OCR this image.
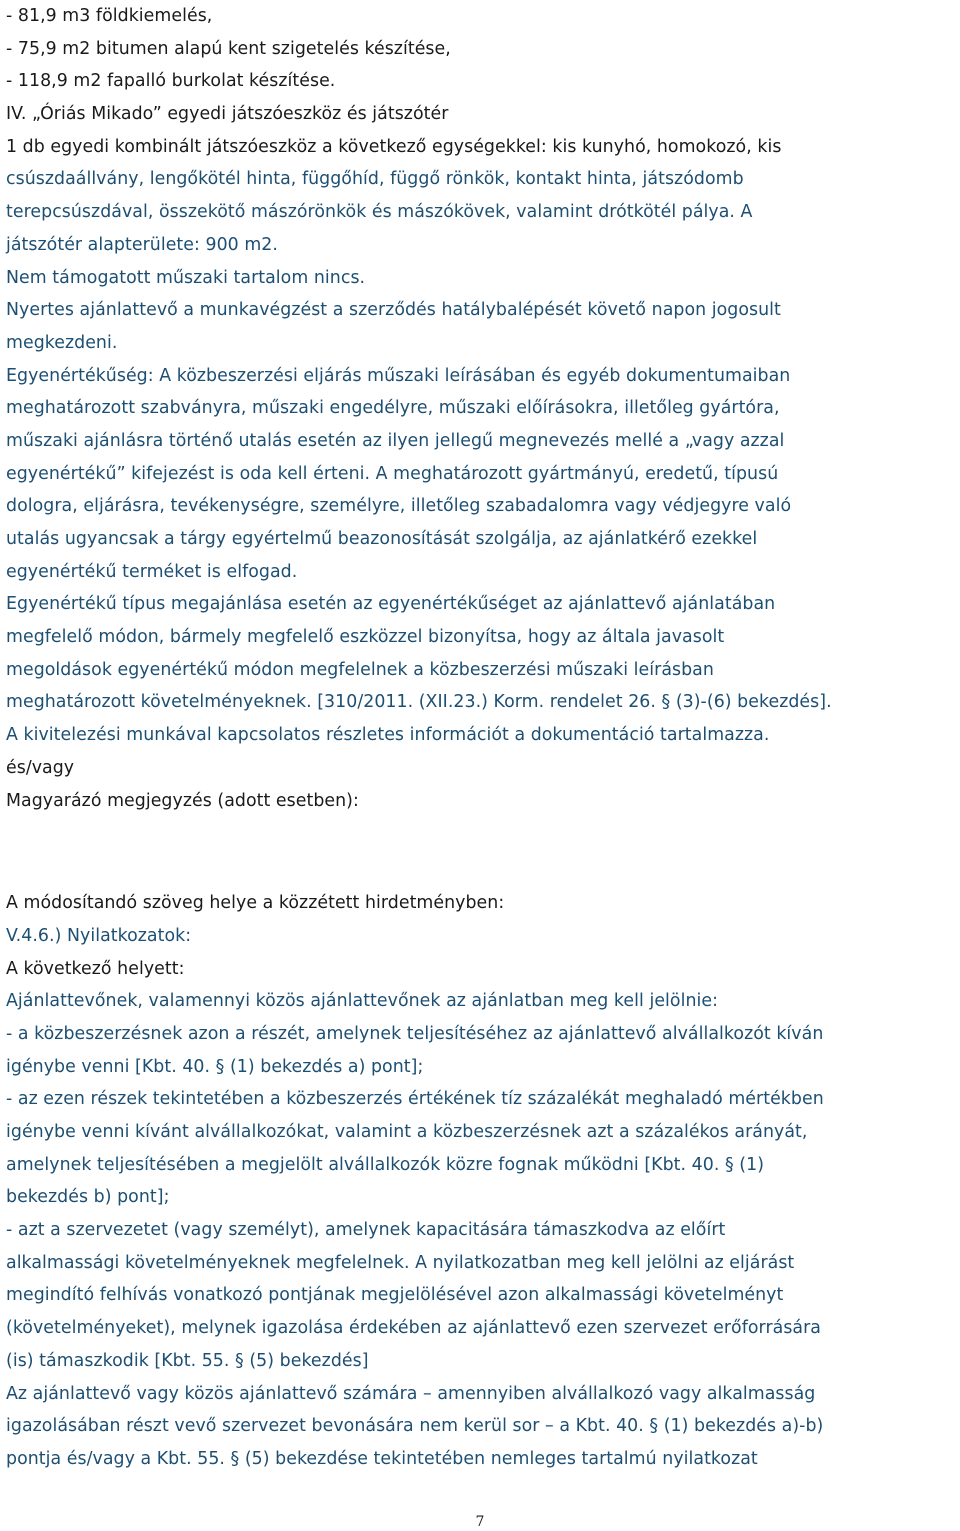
- 81,9 m3 földkiemelés,
- 75,9 m2 bitumen alapú kent szigetelés készítése,
- 118,9 m2 fapalló burkolat készítése.
IV. „Óriás Mikado” egyedi játszóeszköz és játszótér
1 db egyedi kombinált játszóeszköz a következő egységekkel: kis kunyhó, homokozó, kis
csúszdaállvány, lengőkötél hinta, függőhíd, függő rönkök, kontakt hinta, játszódomb
terepcsúszdával, összekötő mászórönkök és mászókövek, valamint drótkötél pálya. A
játszótér alapterülete: 900 m2.
Nem támogatott műszaki tartalom nincs.
Nyertes ajánlattevő a munkavégzést a szerződés hatálybalépését követő napon jogosult
megkezdeni.
Egyenértékűség: A közbeszerzési eljárás műszaki leírásában és egyéb dokumentumaiban
meghatározott szabványra, műszaki engedélyre, műszaki előírásokra, illetőleg gyártóra,
műszaki ajánlásra történő utalás esetén az ilyen jellegű megnevezés mellé a „vagy azzal
egyenértékű” kifejezést is oda kell érteni. A meghatározott gyártmányú, eredetű, típusú
dologra, eljárásra, tevékenységre, személyre, illetőleg szabadalomra vagy védjegyre való
utalás ugyancsak a tárgy egyértelmű beazonosítását szolgálja, az ajánlatkérő ezekkel
egyenértékű terméket is elfogad.
Egyenértékű típus megajánlása esetén az egyenértékűséget az ajánlattevő ajánlatában
megfelelő módon, bármely megfelelő eszközzel bizonyítsa, hogy az általa javasolt
megoldások egyenértékű módon megfelelnek a közbeszerzési műszaki leírásban
meghatározott követelményeknek. [310/2011. (XII.23.) Korm. rendelet 26. § (3)-(6) bekezdés].
A kivitelezési munkával kapcsolatos részletes információt a dokumentáció tartalmazza.
és/vagy
Magyarázó megjegyzés (adott esetben):
A módosítandó szöveg helye a közzétett hirdetményben:
V.4.6.) Nyilatkozatok:
A következő helyett:
Ajánlattevőnek, valamennyi közös ajánlattevőnek az ajánlatban meg kell jelölnie:
- a közbeszerzésnek azon a részét, amelynek teljesítéséhez az ajánlattevő alvállalkozót kíván
igénybe venni [Kbt. 40. § (1) bekezdés a) pont];
- az ezen részek tekintetében a közbeszerzés értékének tíz százalékát meghaladó mértékben
igénybe venni kívánt alvállalkozókat, valamint a közbeszerzésnek azt a százalékos arányát,
amelynek teljesítésében a megjelölt alvállalkozók közre fognak működni [Kbt. 40. § (1)
bekezdés b) pont];
- azt a szervezetet (vagy személyt), amelynek kapacitására támaszkodva az előírt
alkalmassági követelményeknek megfelelnek. A nyilatkozatban meg kell jelölni az eljárást
megindító felhívás vonatkozó pontjának megjelölésével azon alkalmassági követelményt
(követelményeket), melynek igazolása érdekében az ajánlattevő ezen szervezet erőforrására
(is) támaszkodik [Kbt. 55. § (5) bekezdés]
Az ajánlattevő vagy közös ajánlattevő számára – amennyiben alvállalkozó vagy alkalmasság
igazolásában részt vevő szervezet bevonására nem kerül sor – a Kbt. 40. § (1) bekezdés a)-b)
pontja és/vagy a Kbt. 55. § (5) bekezdése tekintetében nemleges tartalmú nyilatkozat
7
